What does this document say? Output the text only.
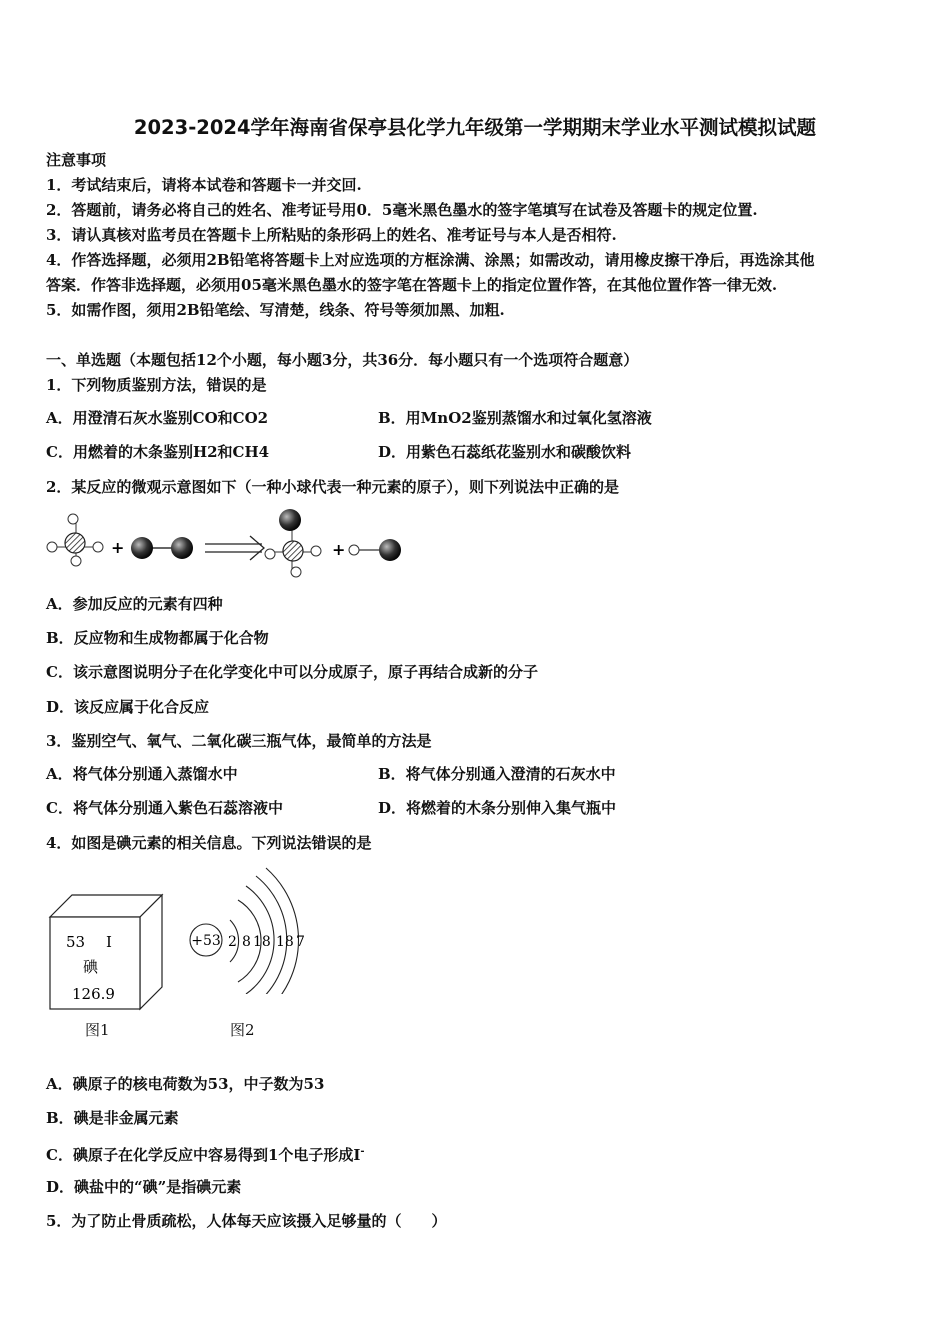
2023-2024学年海南省保亭县化学九年级第一学期期末学业水平测试模拟试题
注意事项
1．考试结束后，请将本试卷和答题卡一并交回.
2．答题前，请务必将自己的姓名、准考证号用0．5毫米黑色墨水的签字笔填写在试卷及答题卡的规定位置.
3．请认真核对监考员在答题卡上所粘贴的条形码上的姓名、准考证号与本人是否相符.
4．作答选择题，必须用2B铅笔将答题卡上对应选项的方框涂满、涂黑；如需改动，请用橡皮擦干净后，再选涂其他
答案．作答非选择题，必须用05毫米黑色墨水的签字笔在答题卡上的指定位置作答，在其他位置作答一律无效.
5．如需作图，须用2B铅笔绘、写清楚，线条、符号等须加黑、加粗.
一、单选题（本题包括12个小题，每小题3分，共36分．每小题只有一个选项符合题意）
1．下列物质鉴别方法，错误的是
A．用澄清石灰水鉴别CO和CO2	B．用MnO2鉴别蒸馏水和过氧化氢溶液
C．用燃着的木条鉴别H2和CH4	D．用紫色石蕊纸花鉴别水和碳酸饮料
2．某反应的微观示意图如下（一种小球代表一种元素的原子），则下列说法中正确的是
+	+
A．参加反应的元素有四种
B．反应物和生成物都属于化合物
C．该示意图说明分子在化学变化中可以分成原子，原子再结合成新的分子
D．该反应属于化合反应
3．鉴别空气、氧气、二氧化碳三瓶气体，最简单的方法是
A．将气体分别通入蒸馏水中	B．将气体分别通入澄清的石灰水中
C．将气体分别通入紫色石蕊溶液中	D．将燃着的木条分别伸入集气瓶中
4．如图是碘元素的相关信息。下列说法错误的是
53 I
碘
126.9
+53 2 8 18 18 7
图1	图2
A．碘原子的核电荷数为53，中子数为53
B．碘是非金属元素
C．碘原子在化学反应中容易得到1个电子形成I-
D．碘盐中的“碘”是指碘元素
5．为了防止骨质疏松，人体每天应该摄入足够量的（　　）
